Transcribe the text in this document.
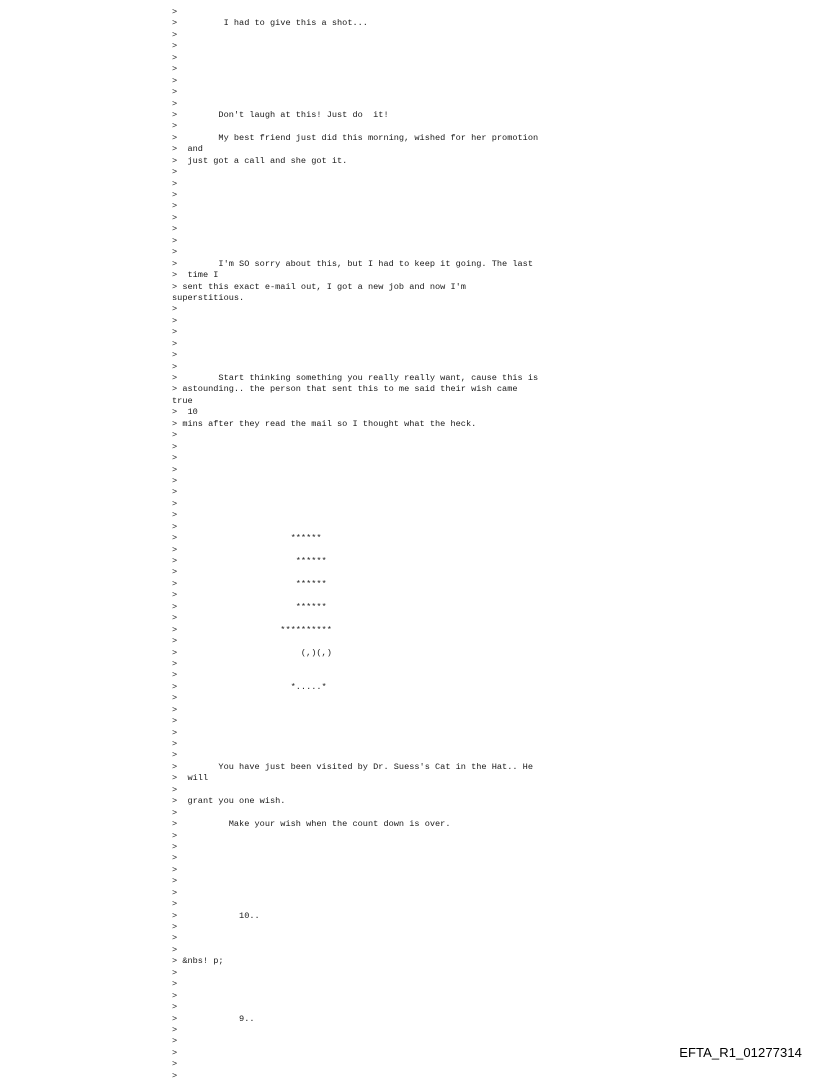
>
>         I had to give this a shot...
>
>
>
>
>
>
>
>        Don't laugh at this! Just do  it!
>
>        My best friend just did this morning, wished for her promotion
>  and
>  just got a call and she got it.
>
>
>
>
>
>
>
>
>        I'm SO sorry about this, but I had to keep it going. The last
>  time I
> sent this exact e-mail out, I got a new job and now I'm
superstitious.
>
>
>
>
>
>
>        Start thinking something you really really want, cause this is
> astounding.. the person that sent this to me said their wish came
true
>  10
> mins after they read the mail so I thought what the heck.
>
>
>
>
>
>
>
>
>
>                      ******
>
>                       ******
>
>                       ******
>
>                       ******
>
>                    **********
>
>                        (,)(,)
>
>
>                      *.....*
>
>
>
>
>
>
>        You have just been visited by Dr. Suess's Cat in the Hat.. He
>  will
>
>  grant you one wish.
>
>          Make your wish when the count down is over.
>
>
>
>
>
>
>
>            10..
>
>
>
> &nbs! p;
>
>
>
>
>            9..
>
>
>
>
>
EFTA_R1_01277314
